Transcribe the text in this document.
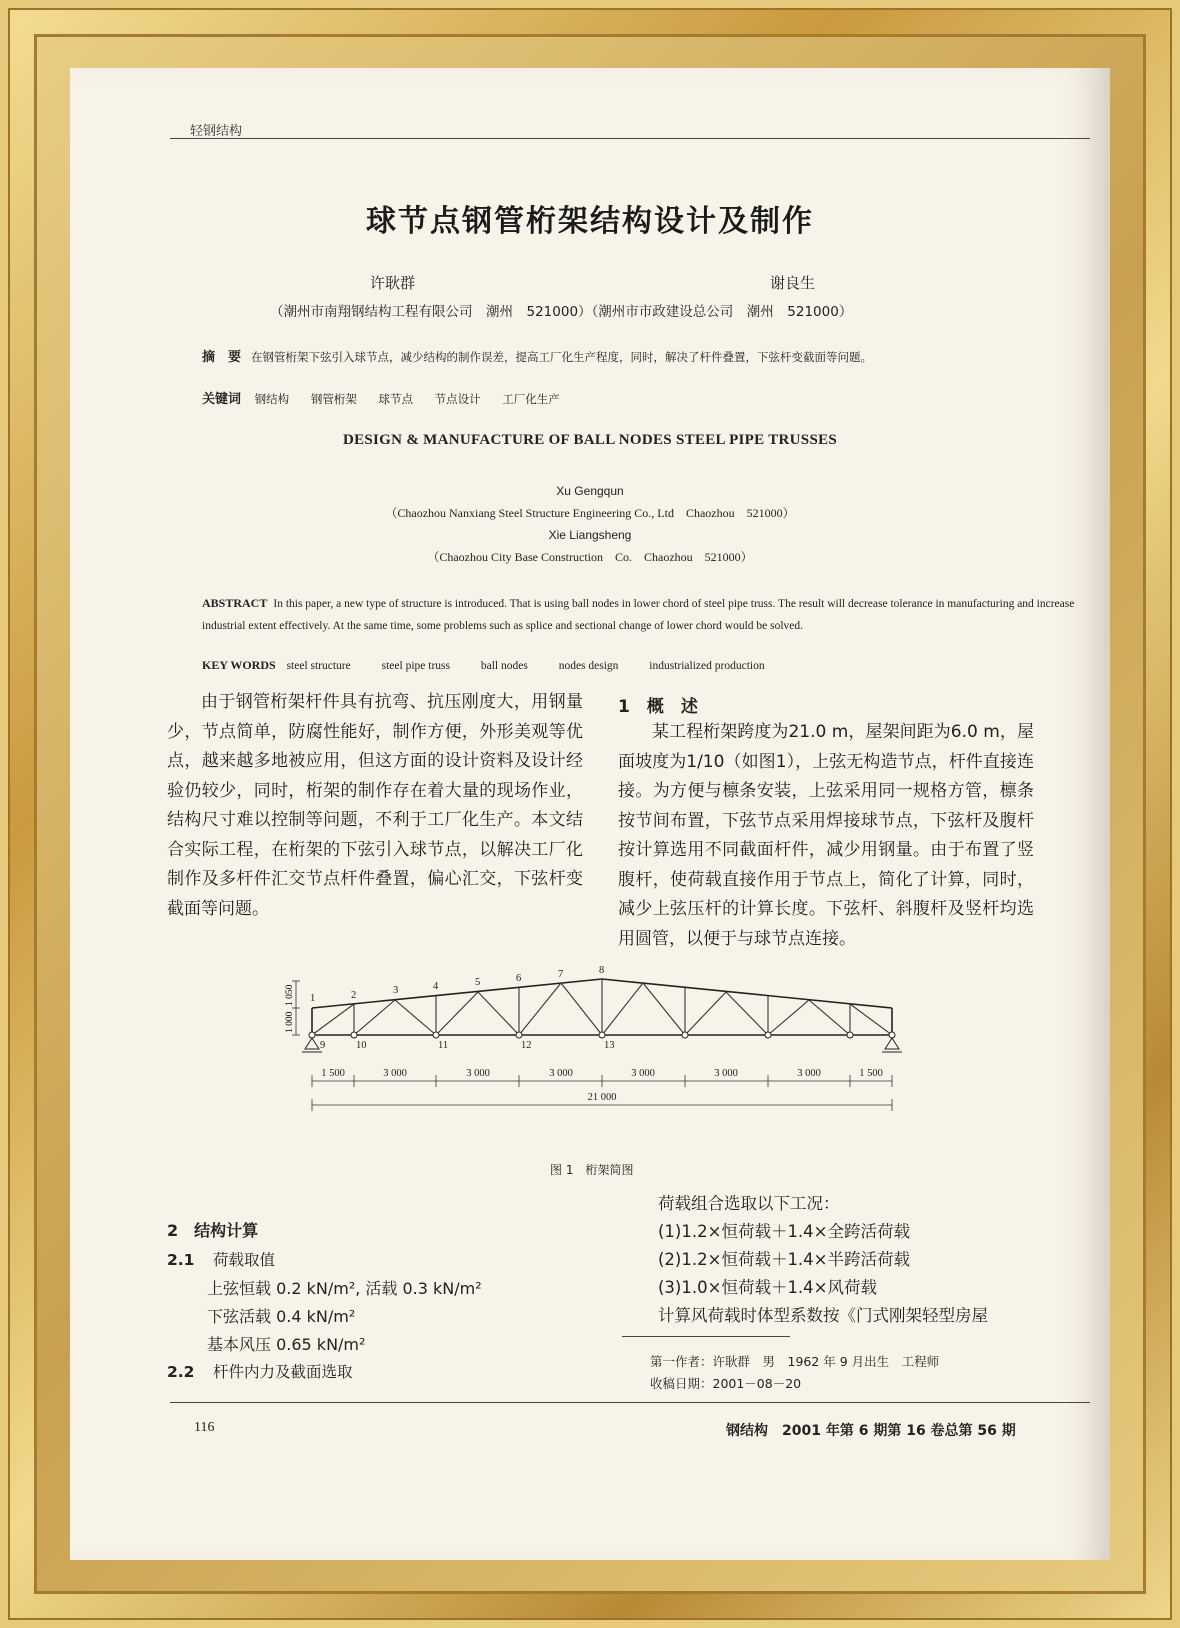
轻钢结构
球节点钢管桁架结构设计及制作
许耿群	谢良生
（潮州市南翔钢结构工程有限公司　潮州　521000）（潮州市市政建设总公司　潮州　521000）
摘　要 在钢管桁架下弦引入球节点，减少结构的制作误差，提高工厂化生产程度，同时，解决了杆件叠置，下弦杆变截面等问题。
关键词 钢结构 钢管桁架 球节点 节点设计 工厂化生产
DESIGN & MANUFACTURE OF BALL NODES STEEL PIPE TRUSSES
Xu Gengqun
（Chaozhou Nanxiang Steel Structure Engineering Co., Ltd　Chaozhou　521000）
Xie Liangsheng
（Chaozhou City Base Construction　Co.　Chaozhou　521000）
ABSTRACT In this paper, a new type of structure is introduced. That is using ball nodes in lower chord of steel pipe truss. The result will decrease tolerance in manufacturing and increase industrial extent effectively. At the same time, some problems such as splice and sectional change of lower chord would be solved.
KEY WORDS steel structure	steel pipe truss	ball nodes	nodes design	industrialized production
由于钢管桁架杆件具有抗弯、抗压刚度大，用钢量少，节点简单，防腐性能好，制作方便，外形美观等优点，越来越多地被应用，但这方面的设计资料及设计经验仍较少，同时，桁架的制作存在着大量的现场作业，结构尺寸难以控制等问题，不利于工厂化生产。本文结合实际工程，在桁架的下弦引入球节点，以解决工厂化制作及多杆件汇交节点杆件叠置，偏心汇交，下弦杆变截面等问题。
1　概　述
某工程桁架跨度为21.0 m，屋架间距为6.0 m，屋面坡度为1/10（如图1），上弦无构造节点，杆件直接连接。为方便与檩条安装，上弦采用同一规格方管，檩条按节间布置，下弦节点采用焊接球节点，下弦杆及腹杆按计算选用不同截面杆件，减少用钢量。由于布置了竖腹杆，使荷载直接作用于节点上，简化了计算，同时，减少上弦压杆的计算长度。下弦杆、斜腹杆及竖杆均选用圆管，以便于与球节点连接。
1	2	3	4	5	6	7	8
9	10	11	12	13
1 000
1 050
1 500	3 000	3 000	3 000	3 000	3 000	3 000	1 500
21 000
图 1　桁架简图
2　结构计算
2.1 荷载取值
上弦恒载 0.2 kN/m², 活载 0.3 kN/m²
下弦活载 0.4 kN/m²
基本风压 0.65 kN/m²
2.2 杆件内力及截面选取
荷载组合选取以下工况：
(1)1.2×恒荷载＋1.4×全跨活荷载
(2)1.2×恒荷载＋1.4×半跨活荷载
(3)1.0×恒荷载＋1.4×风荷载
计算风荷载时体型系数按《门式刚架轻型房屋
第一作者：许耿群　男　1962 年 9 月出生　工程师
收稿日期：2001－08－20
116	钢结构　2001 年第 6 期第 16 卷总第 56 期
